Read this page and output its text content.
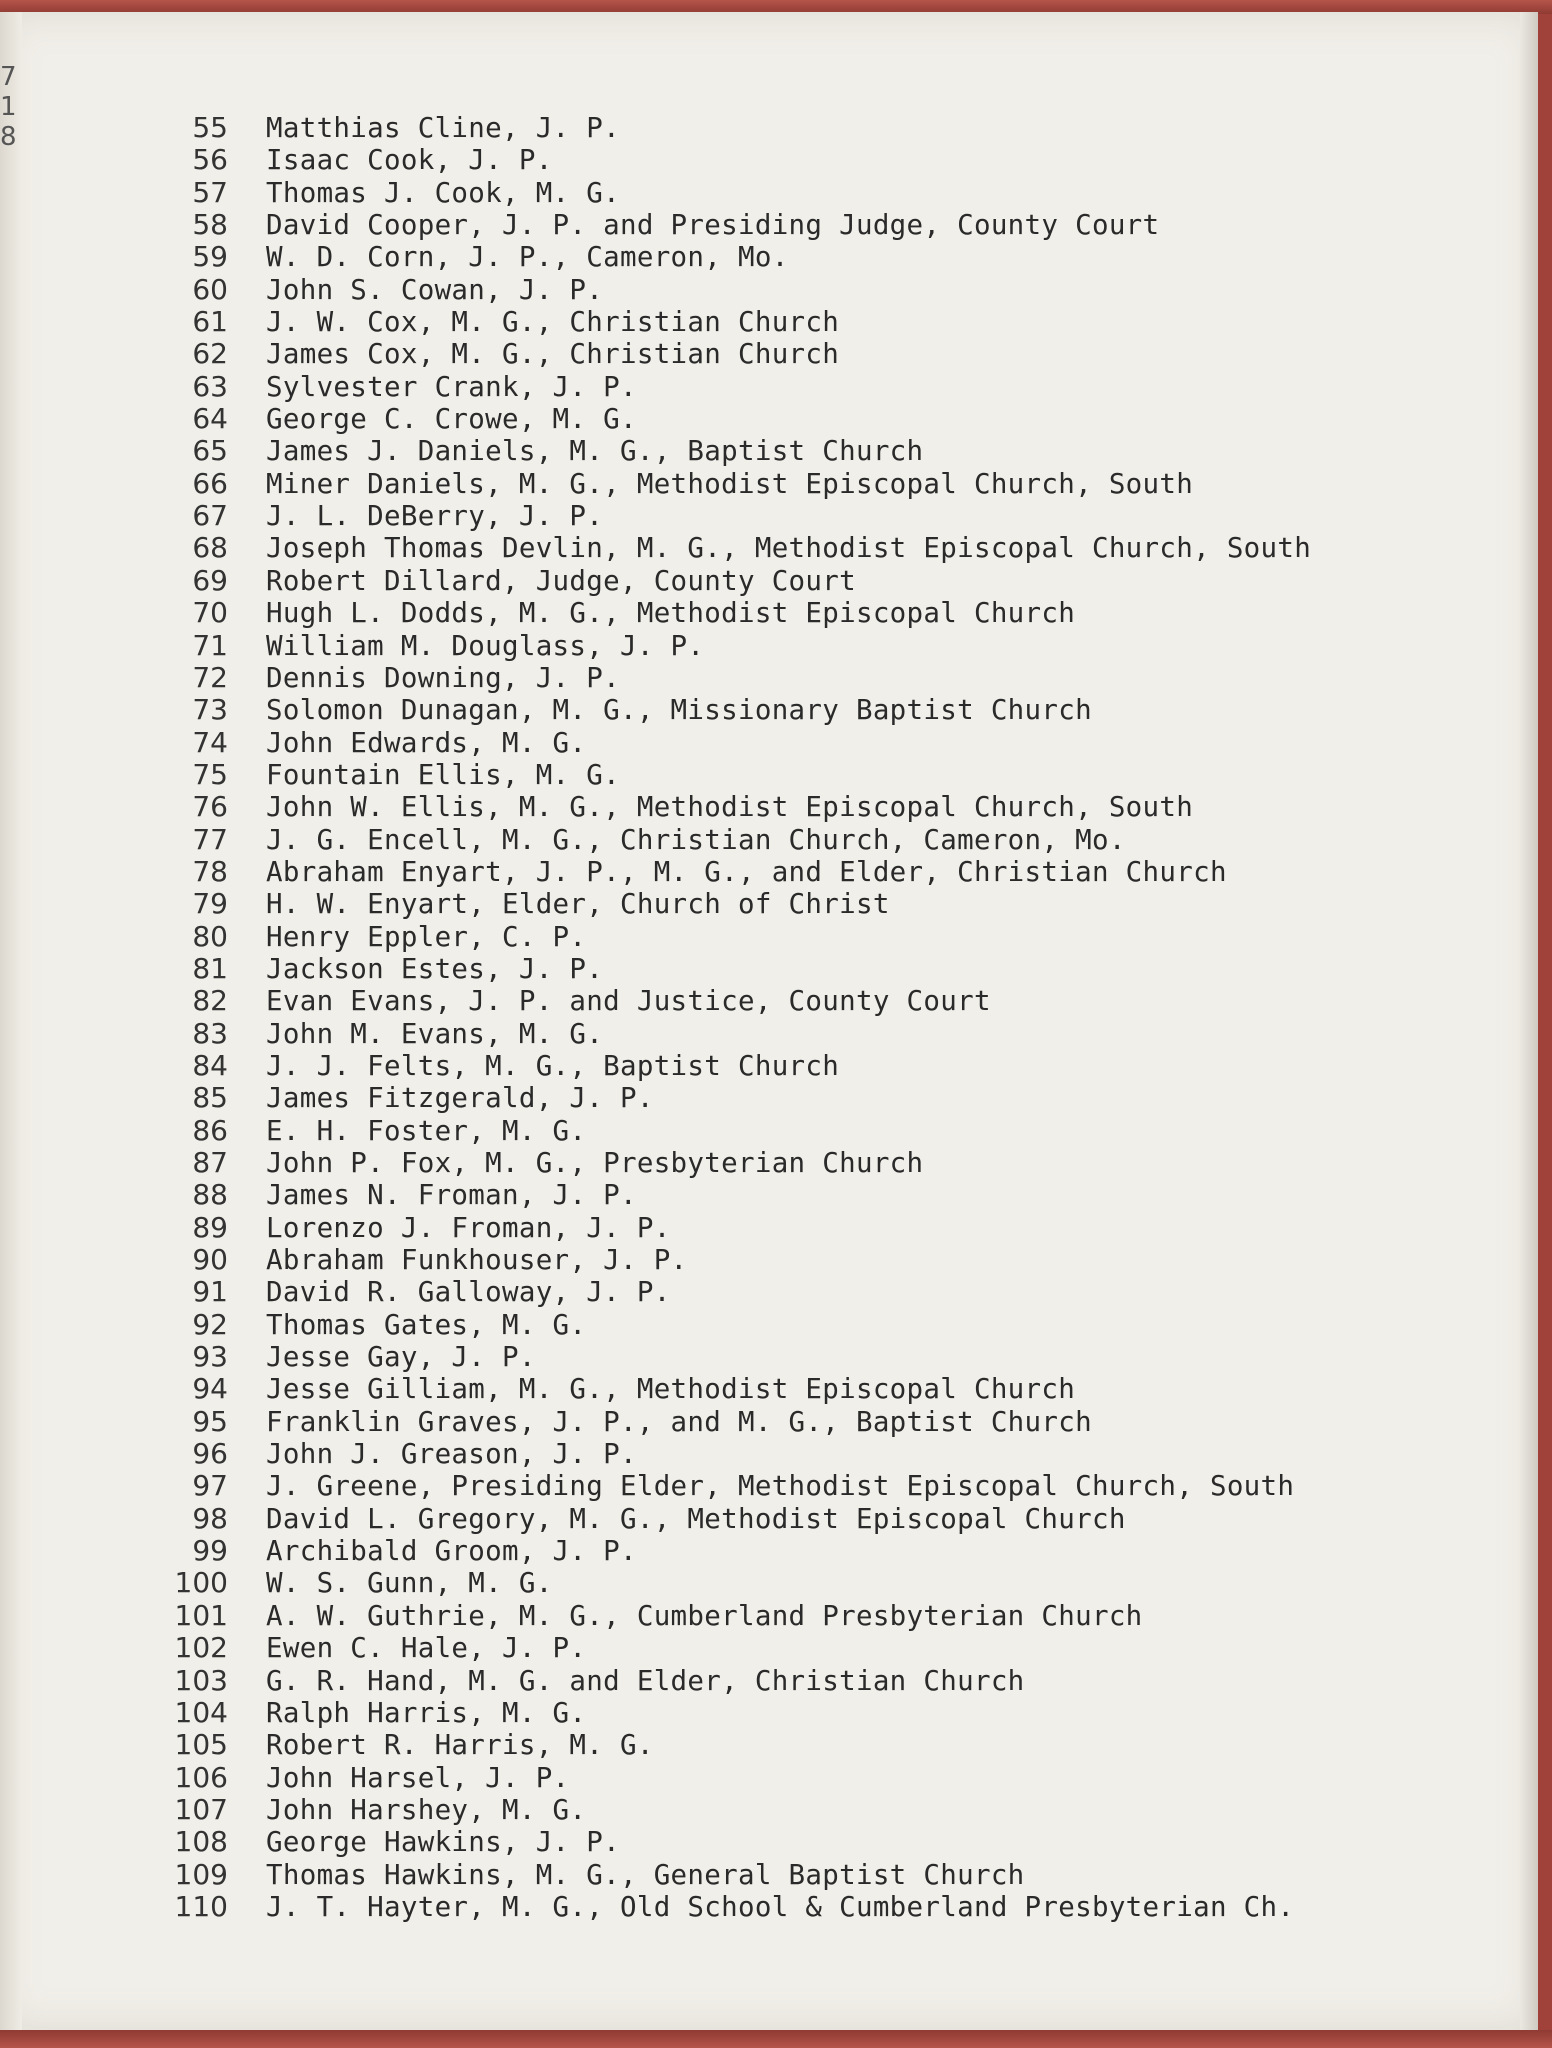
7
1
8	55 Matthias Cline, J. P.
56 Isaac Cook, J. P.
57 Thomas J. Cook, M. G.
58 David Cooper, J. P. and Presiding Judge, County Court
59 W. D. Corn, J. P., Cameron, Mo.
60 John S. Cowan, J. P.
61 J. W. Cox, M. G., Christian Church
62 James Cox, M. G., Christian Church
63 Sylvester Crank, J. P.
64 George C. Crowe, M. G.
65 James J. Daniels, M. G., Baptist Church
66 Miner Daniels, M. G., Methodist Episcopal Church, South
67 J. L. DeBerry, J. P.
68 Joseph Thomas Devlin, M. G., Methodist Episcopal Church, South
69 Robert Dillard, Judge, County Court
70 Hugh L. Dodds, M. G., Methodist Episcopal Church
71 William M. Douglass, J. P.
72 Dennis Downing, J. P.
73 Solomon Dunagan, M. G., Missionary Baptist Church
74 John Edwards, M. G.
75 Fountain Ellis, M. G.
76 John W. Ellis, M. G., Methodist Episcopal Church, South
77 J. G. Encell, M. G., Christian Church, Cameron, Mo.
78 Abraham Enyart, J. P., M. G., and Elder, Christian Church
79 H. W. Enyart, Elder, Church of Christ
80 Henry Eppler, C. P.
81 Jackson Estes, J. P.
82 Evan Evans, J. P. and Justice, County Court
83 John M. Evans, M. G.
84 J. J. Felts, M. G., Baptist Church
85 James Fitzgerald, J. P.
86 E. H. Foster, M. G.
87 John P. Fox, M. G., Presbyterian Church
88 James N. Froman, J. P.
89 Lorenzo J. Froman, J. P.
90 Abraham Funkhouser, J. P.
91 David R. Galloway, J. P.
92 Thomas Gates, M. G.
93 Jesse Gay, J. P.
94 Jesse Gilliam, M. G., Methodist Episcopal Church
95 Franklin Graves, J. P., and M. G., Baptist Church
96 John J. Greason, J. P.
97 J. Greene, Presiding Elder, Methodist Episcopal Church, South
98 David L. Gregory, M. G., Methodist Episcopal Church
99 Archibald Groom, J. P.
100 W. S. Gunn, M. G.
101 A. W. Guthrie, M. G., Cumberland Presbyterian Church
102 Ewen C. Hale, J. P.
103 G. R. Hand, M. G. and Elder, Christian Church
104 Ralph Harris, M. G.
105 Robert R. Harris, M. G.
106 John Harsel, J. P.
107 John Harshey, M. G.
108 George Hawkins, J. P.
109 Thomas Hawkins, M. G., General Baptist Church
110 J. T. Hayter, M. G., Old School & Cumberland Presbyterian Ch.
